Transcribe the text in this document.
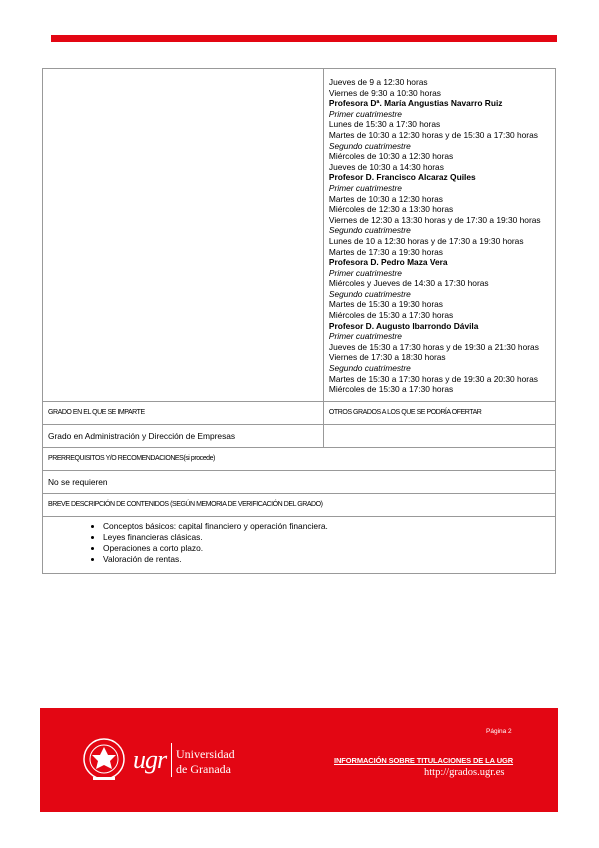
Jueves de 9 a 12:30 horas
Viernes de 9:30 a 10:30 horas
Profesora Dª. María Angustias Navarro Ruiz
Primer cuatrimestre
Lunes de 15:30 a 17:30 horas
Martes de 10:30 a 12:30 horas y de 15:30 a 17:30 horas
Segundo cuatrimestre
Miércoles de 10:30 a 12:30 horas
Jueves de 10:30 a 14:30 horas
Profesor D. Francisco Alcaraz Quiles
Primer cuatrimestre
Martes de 10:30 a 12:30 horas
Miércoles de 12:30 a 13:30 horas
Viernes de 12:30 a 13:30 horas y de 17:30 a 19:30 horas
Segundo cuatrimestre
Lunes de 10 a 12:30 horas y de 17:30 a 19:30 horas
Martes de 17:30 a 19:30 horas
Profesora D. Pedro Maza Vera
Primer cuatrimestre
Miércoles y Jueves de 14:30 a 17:30 horas
Segundo cuatrimestre
Martes de 15:30 a 19:30 horas
Miércoles de 15:30 a 17:30 horas
Profesor D. Augusto Ibarrondo Dávila
Primer cuatrimestre
Jueves de 15:30 a 17:30 horas y de 19:30 a 21:30 horas
Viernes de 17:30 a 18:30 horas
Segundo cuatrimestre
Martes de 15:30 a 17:30 horas y de 19:30 a 20:30 horas
Miércoles de 15:30 a 17:30 horas
GRADO EN EL QUE SE IMPARTE	OTROS GRADOS A LOS QUE SE PODRÍA OFERTAR
Grado en Administración y Dirección de Empresas
PRERREQUISITOS Y/O RECOMENDACIONES (si procede)
No se requieren
BREVE DESCRIPCIÓN DE CONTENIDOS (SEGÚN MEMORIA DE VERIFICACIÓN DEL GRADO)
• Conceptos básicos: capital financiero y operación financiera.
• Leyes financieras clásicas.
• Operaciones a corto plazo.
• Valoración de rentas.
Página 2
ugr Universidad
de Granada
INFORMACIÓN SOBRE TITULACIONES DE LA UGR
http://grados.ugr.es
